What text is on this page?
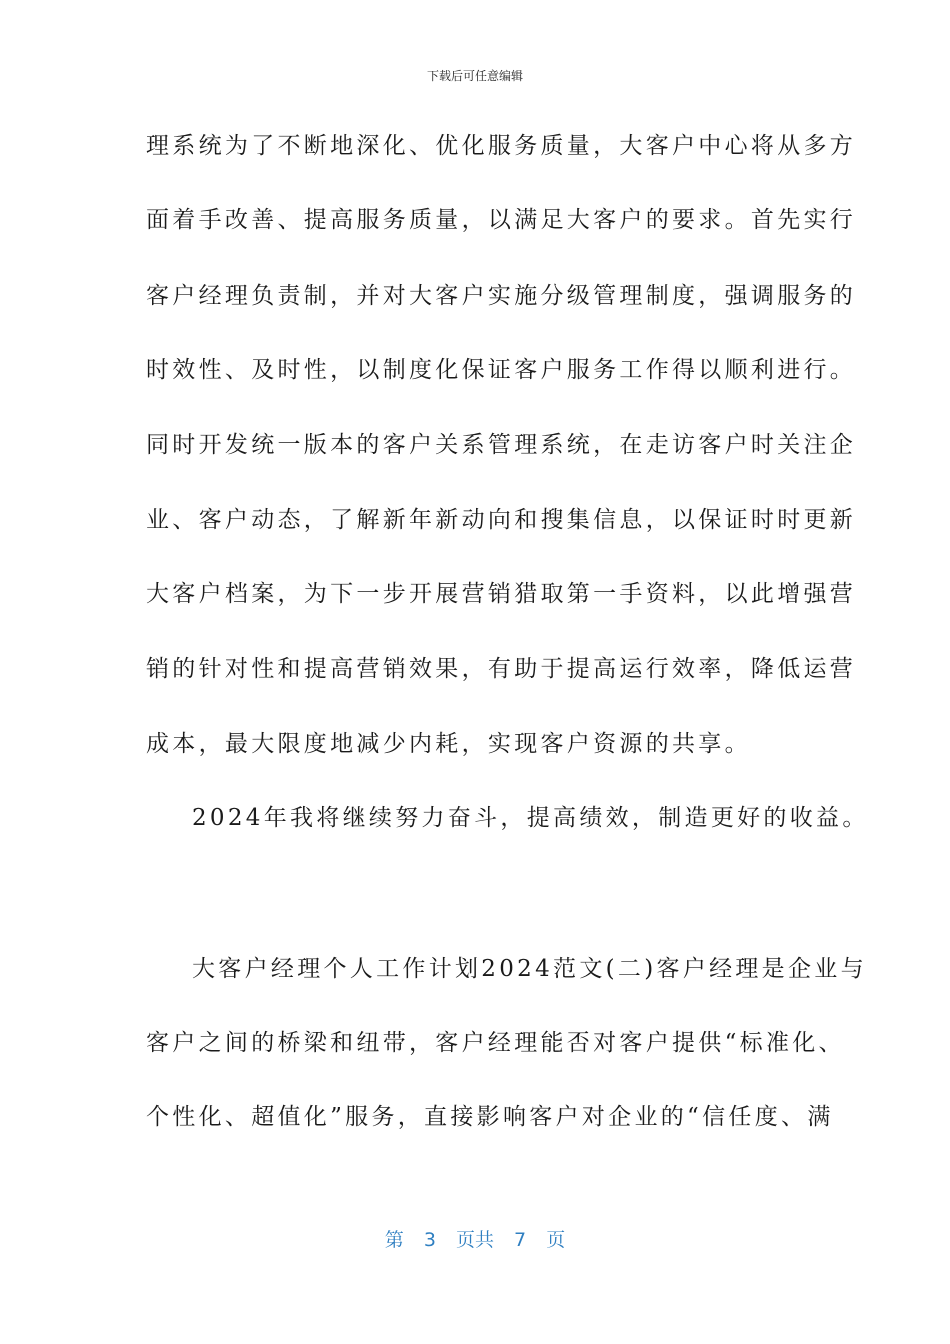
下载后可任意编辑
理系统为了不断地深化、优化服务质量，大客户中心将从多方
面着手改善、提高服务质量，以满足大客户的要求。首先实行
客户经理负责制，并对大客户实施分级管理制度，强调服务的
时效性、及时性，以制度化保证客户服务工作得以顺利进行。
同时开发统一版本的客户关系管理系统，在走访客户时关注企
业、客户动态，了解新年新动向和搜集信息，以保证时时更新
大客户档案，为下一步开展营销猎取第一手资料，以此增强营
销的针对性和提高营销效果，有助于提高运行效率，降低运营
成本，最大限度地减少内耗，实现客户资源的共享。
2024年我将继续努力奋斗，提高绩效，制造更好的收益。
大客户经理个人工作计划2024范文(二)客户经理是企业与
客户之间的桥梁和纽带，客户经理能否对客户提供“标准化、
个性化、超值化”服务，直接影响客户对企业的“信任度、满
第 3 页共 7 页
